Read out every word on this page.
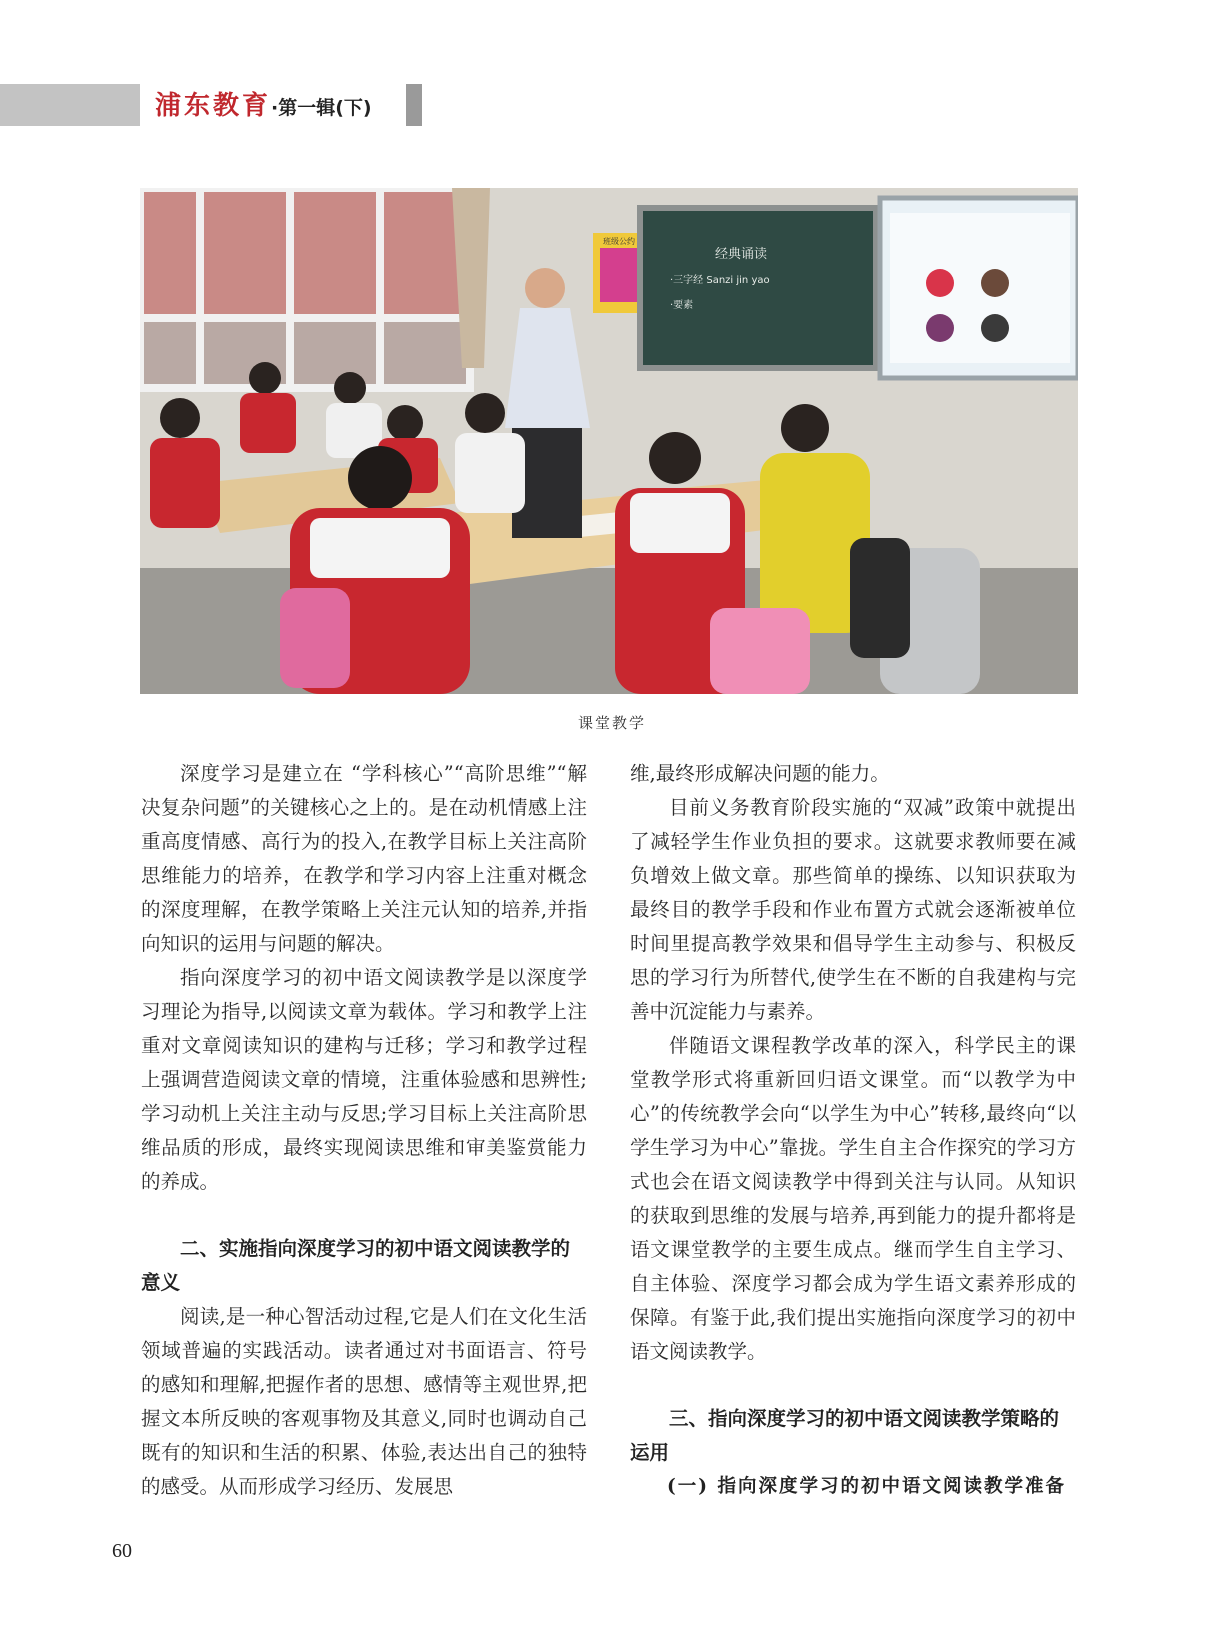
浦东教育·第一辑(下)
班级公约
经典诵读
·三字经 Sanzi jin yao
·要素
课堂教学

深度学习是建立在 “学科核心”“高阶思维”“解决复杂问题”的关键核心之上的。是在动机情感上注重高度情感、高行为的投入,在教学目标上关注高阶思维能力的培养，在教学和学习内容上注重对概念的深度理解，在教学策略上关注元认知的培养,并指向知识的运用与问题的解决。

指向深度学习的初中语文阅读教学是以深度学习理论为指导,以阅读文章为载体。学习和教学上注重对文章阅读知识的建构与迁移；学习和教学过程上强调营造阅读文章的情境，注重体验感和思辨性;学习动机上关注主动与反思;学习目标上关注高阶思维品质的形成，最终实现阅读思维和审美鉴赏能力的养成。

二、实施指向深度学习的初中语文阅读教学的意义

阅读,是一种心智活动过程,它是人们在文化生活领域普遍的实践活动。读者通过对书面语言、符号的感知和理解,把握作者的思想、感情等主观世界,把握文本所反映的客观事物及其意义,同时也调动自己既有的知识和生活的积累、体验,表达出自己的独特的感受。从而形成学习经历、发展思

维,最终形成解决问题的能力。

目前义务教育阶段实施的“双减”政策中就提出了减轻学生作业负担的要求。这就要求教师要在减负增效上做文章。那些简单的操练、以知识获取为最终目的教学手段和作业布置方式就会逐渐被单位时间里提高教学效果和倡导学生主动参与、积极反思的学习行为所替代,使学生在不断的自我建构与完善中沉淀能力与素养。

伴随语文课程教学改革的深入，科学民主的课堂教学形式将重新回归语文课堂。而“以教学为中心”的传统教学会向“以学生为中心”转移,最终向“以学生学习为中心”靠拢。学生自主合作探究的学习方式也会在语文阅读教学中得到关注与认同。从知识的获取到思维的发展与培养,再到能力的提升都将是语文课堂教学的主要生成点。继而学生自主学习、自主体验、深度学习都会成为学生语文素养形成的保障。有鉴于此,我们提出实施指向深度学习的初中语文阅读教学。

三、指向深度学习的初中语文阅读教学策略的运用
(一) 指向深度学习的初中语文阅读教学准备
60
